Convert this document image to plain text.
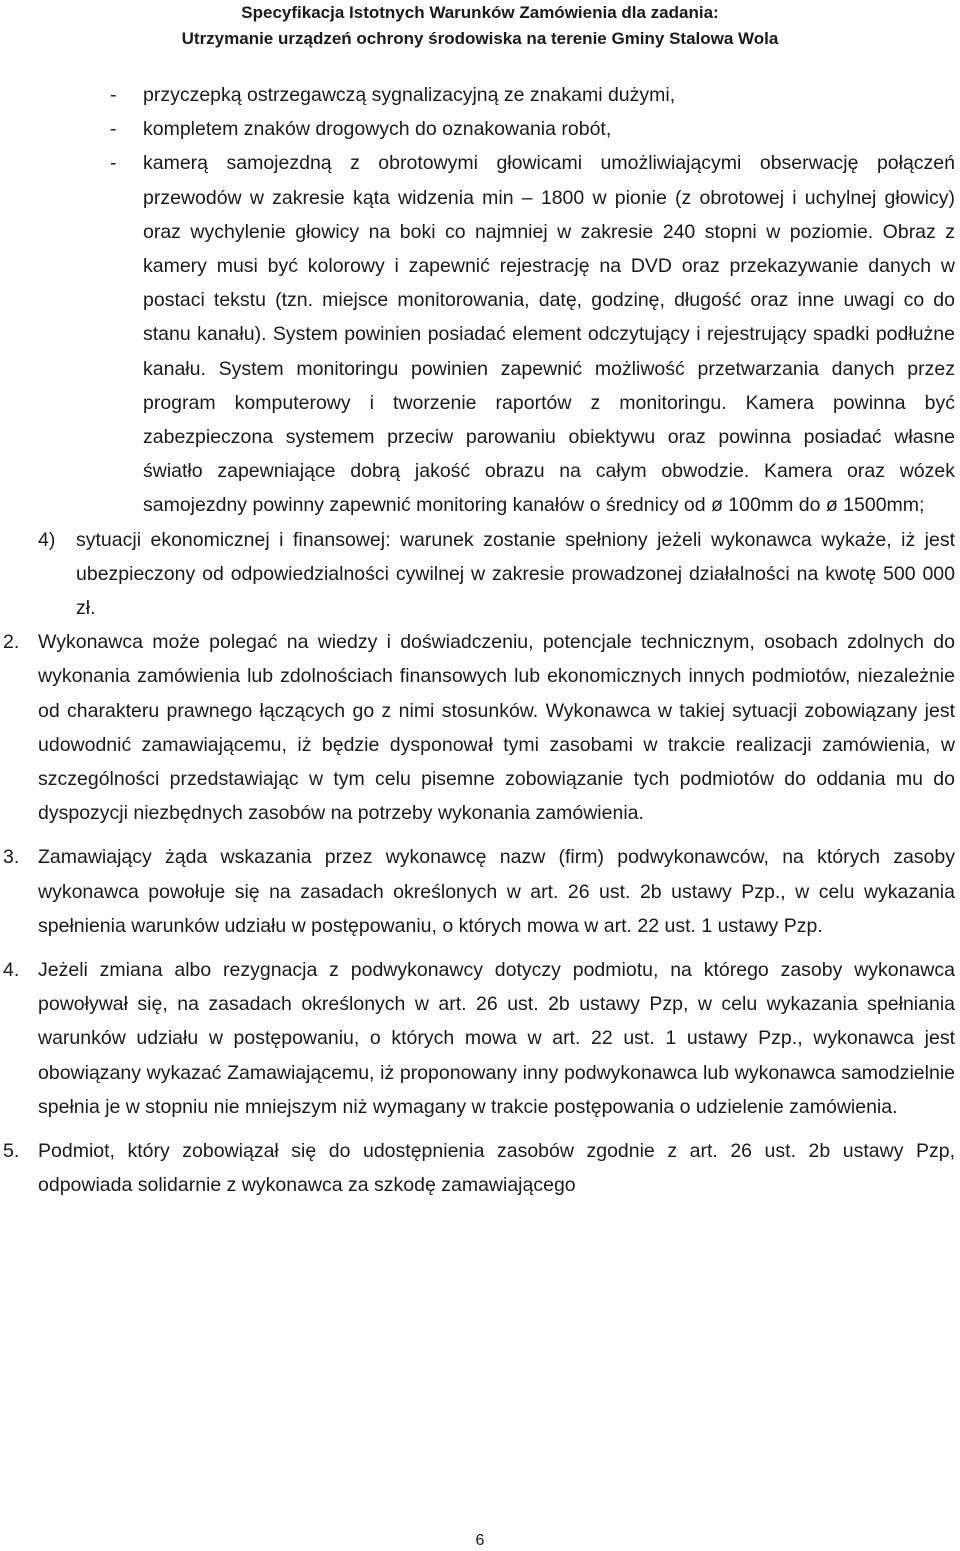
Specyfikacja Istotnych Warunków Zamówienia dla zadania:
Utrzymanie urządzeń ochrony środowiska na terenie Gminy Stalowa Wola
- przyczepką ostrzegawczą sygnalizacyjną ze znakami dużymi,
- kompletem znaków drogowych do oznakowania robót,
- kamerą samojezdną z obrotowymi głowicami umożliwiającymi obserwację połączeń przewodów w zakresie kąta widzenia min – 1800 w pionie (z obrotowej i uchylnej głowicy) oraz wychylenie głowicy na boki co najmniej w zakresie 240 stopni w poziomie. Obraz z kamery musi być kolorowy i zapewnić rejestrację na DVD oraz przekazywanie danych w postaci tekstu (tzn. miejsce monitorowania, datę, godzinę, długość oraz inne uwagi co do stanu kanału). System powinien posiadać element odczytujący i rejestrujący spadki podłużne kanału. System monitoringu powinien zapewnić możliwość przetwarzania danych przez program komputerowy i tworzenie raportów z monitoringu. Kamera powinna być zabezpieczona systemem przeciw parowaniu obiektywu oraz powinna posiadać własne światło zapewniające dobrą jakość obrazu na całym obwodzie. Kamera oraz wózek samojezdny powinny zapewnić monitoring kanałów o średnicy od ø 100mm do ø 1500mm;
4) sytuacji ekonomicznej i finansowej: warunek zostanie spełniony jeżeli wykonawca wykaże, iż jest ubezpieczony od odpowiedzialności cywilnej w zakresie prowadzonej działalności na kwotę 500 000 zł.
2. Wykonawca może polegać na wiedzy i doświadczeniu, potencjale technicznym, osobach zdolnych do wykonania zamówienia lub zdolnościach finansowych lub ekonomicznych innych podmiotów, niezależnie od charakteru prawnego łączących go z nimi stosunków. Wykonawca w takiej sytuacji zobowiązany jest udowodnić zamawiającemu, iż będzie dysponował tymi zasobami w trakcie realizacji zamówienia, w szczególności przedstawiając w tym celu pisemne zobowiązanie tych podmiotów do oddania mu do dyspozycji niezbędnych zasobów na potrzeby wykonania zamówienia.
3. Zamawiający żąda wskazania przez wykonawcę nazw (firm) podwykonawców, na których zasoby wykonawca powołuje się na zasadach określonych w art. 26 ust. 2b ustawy Pzp., w celu wykazania spełnienia warunków udziału w postępowaniu, o których mowa w art. 22 ust. 1 ustawy Pzp.
4. Jeżeli zmiana albo rezygnacja z podwykonawcy dotyczy podmiotu, na którego zasoby wykonawca powoływał się, na zasadach określonych w art. 26 ust. 2b ustawy Pzp, w celu wykazania spełniania warunków udziału w postępowaniu, o których mowa w art. 22 ust. 1 ustawy Pzp., wykonawca jest obowiązany wykazać Zamawiającemu, iż proponowany inny podwykonawca lub wykonawca samodzielnie spełnia je w stopniu nie mniejszym niż wymagany w trakcie postępowania o udzielenie zamówienia.
5. Podmiot, który zobowiązał się do udostępnienia zasobów zgodnie z art. 26 ust. 2b ustawy Pzp, odpowiada solidarnie z wykonawca za szkodę zamawiającego
6
